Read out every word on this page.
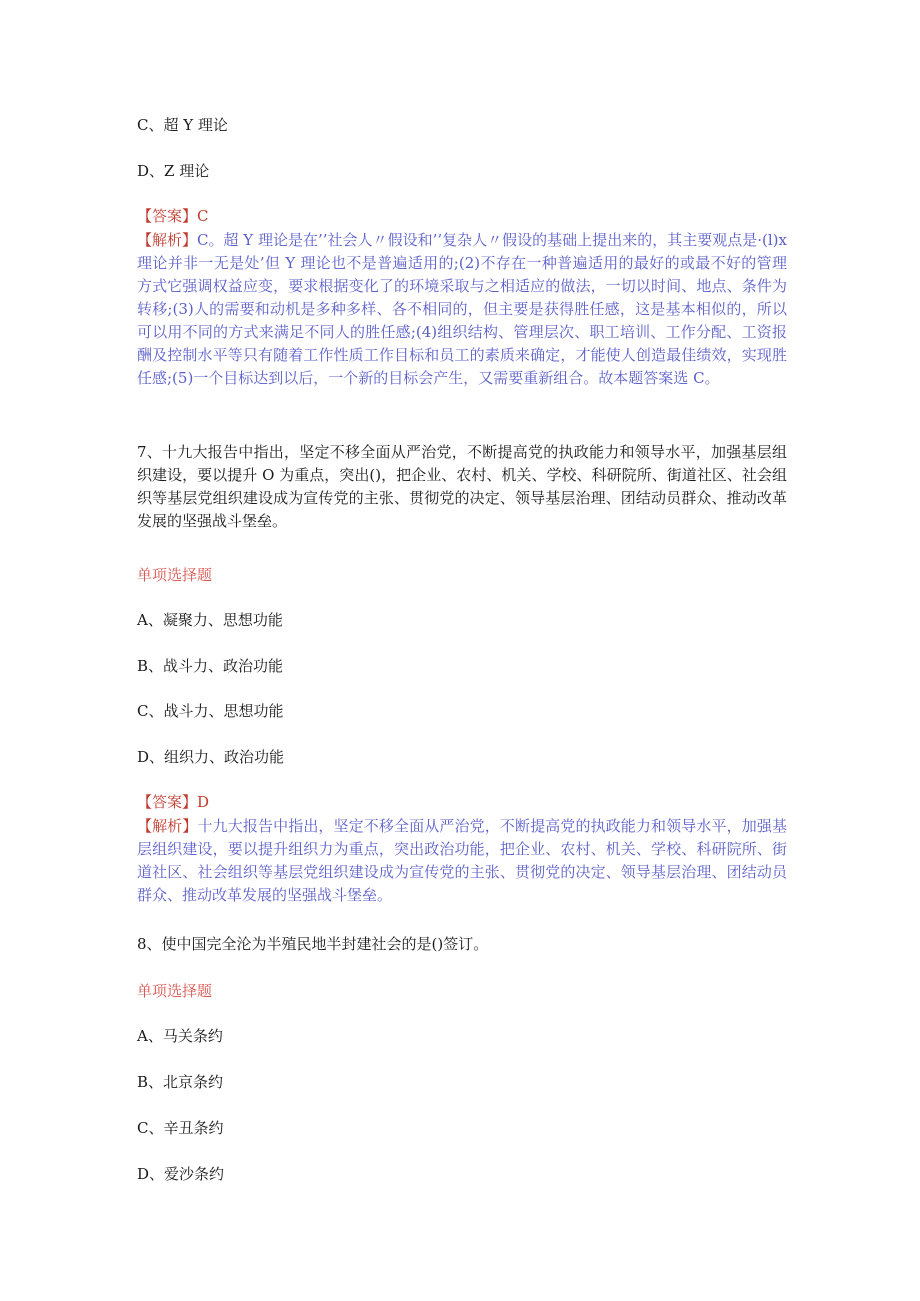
C、超 Y 理论
D、Z 理论
【答案】C
【解析】C。超 Y 理论是在’’社会人〃假设和’’复杂人〃假设的基础上提出来的，其主要观点是·(l)x 理论并非一无是处’但 Y 理论也不是普遍适用的;(2)不存在一种普遍适用的最好的或最不好的管理方式它强调权益应变，要求根据变化了的环境采取与之相适应的做法，一切以时间、地点、条件为转移;(3)人的需要和动机是多种多样、各不相同的，但主要是获得胜任感，这是基本相似的，所以可以用不同的方式来满足不同人的胜任感;(4)组织结构、管理层次、职工培训、工作分配、工资报酬及控制水平等只有随着工作性质工作目标和员工的素质来确定，才能使人创造最佳绩效，实现胜任感;(5)一个目标达到以后，一个新的目标会产生，又需要重新组合。故本题答案选 C。
7、十九大报告中指出，坚定不移全面从严治党，不断提高党的执政能力和领导水平，加强基层组织建设，要以提升 O 为重点，突出()，把企业、农村、机关、学校、科研院所、街道社区、社会组织等基层党组织建设成为宣传党的主张、贯彻党的决定、领导基层治理、团结动员群众、推动改革发展的坚强战斗堡垒。
单项选择题
A、凝聚力、思想功能
B、战斗力、政治功能
C、战斗力、思想功能
D、组织力、政治功能
【答案】D
【解析】十九大报告中指出，坚定不移全面从严治党，不断提高党的执政能力和领导水平，加强基层组织建设，要以提升组织力为重点，突出政治功能，把企业、农村、机关、学校、科研院所、街道社区、社会组织等基层党组织建设成为宣传党的主张、贯彻党的决定、领导基层治理、团结动员群众、推动改革发展的坚强战斗堡垒。
8、使中国完全沦为半殖民地半封建社会的是()签订。
单项选择题
A、马关条约
B、北京条约
C、辛丑条约
D、爱沙条约
